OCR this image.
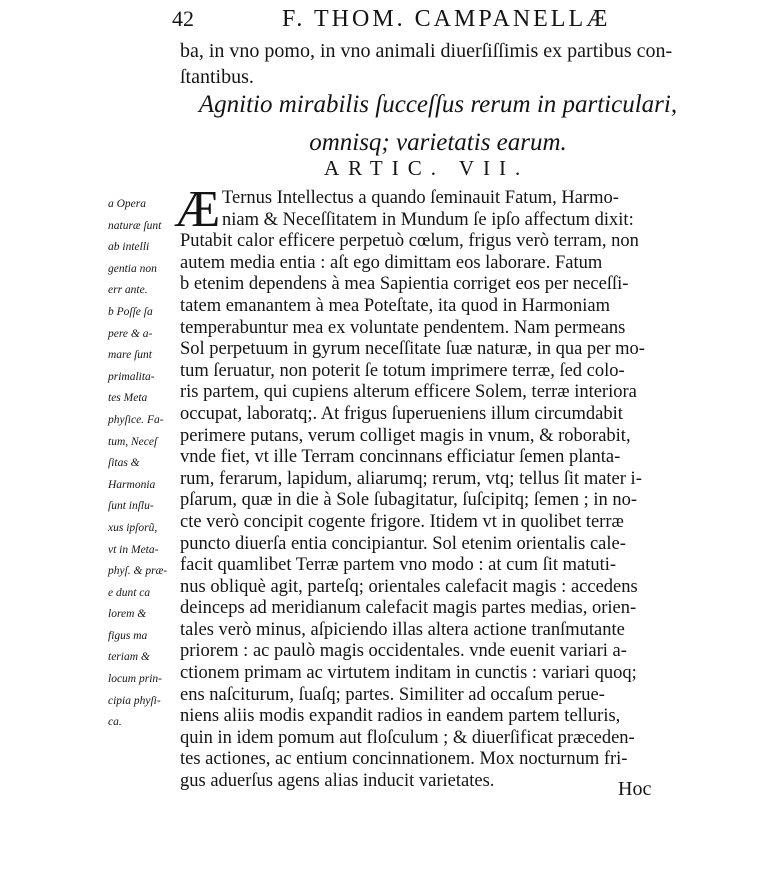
42	F. THOM. CAMPANELLÆ
ba, in vno pomo, in vno animali diuerſiſſimis ex partibus con-
ſtantibus.
Agnitio mirabilis ſucceſſus rerum in particulari,
omnisq; varietatis earum.
ARTIC. VII.
Æ Ternus Intellectus a quando ſeminauit Fatum, Harmo-
niam & Neceſſitatem in Mundum ſe ipſo affectum dixit:
Putabit calor efficere perpetuò cœlum, frigus verò terram, non
autem media entia : aſt ego dimittam eos laborare. Fatum
b etenim dependens à mea Sapientia corriget eos per neceſſi-
tatem emanantem à mea Poteſtate, ita quod in Harmoniam
temperabuntur mea ex voluntate pendentem. Nam permeans
Sol perpetuum in gyrum neceſſitate ſuæ naturæ, in qua per mo-
tum ſeruatur, non poterit ſe totum imprimere terræ, ſed colo-
ris partem, qui cupiens alterum efficere Solem, terræ interiora
occupat, laboratq;. At frigus ſuperueniens illum circumdabit
perimere putans, verum colliget magis in vnum, & roborabit,
vnde fiet, vt ille Terram concinnans efficiatur ſemen planta-
rum, ferarum, lapidum, aliarumq; rerum, vtq; tellus ſit mater i-
pſarum, quæ in die à Sole ſubagitatur, ſuſcipitq; ſemen ; in no-
cte verò concipit cogente frigore. Itidem vt in quolibet terræ
puncto diuerſa entia concipiantur. Sol etenim orientalis cale-
facit quamlibet Terræ partem vno modo : at cum ſit matuti-
nus obliquè agit, parteſq; orientales calefacit magis : accedens
deinceps ad meridianum calefacit magis partes medias, orien-
tales verò minus, aſpiciendo illas altera actione tranſmutante
priorem : ac paulò magis occidentales. vnde euenit variari a-
ctionem primam ac virtutem inditam in cunctis : variari quoq;
ens naſciturum, ſuaſq; partes. Similiter ad occaſum perue-
niens aliis modis expandit radios in eandem partem telluris,
quin in idem pomum aut floſculum ; & diuerſificat præceden-
tes actiones, ac entium concinnationem. Mox nocturnum fri-
gus aduerſus agens alias inducit varietates.
a Opera
naturæ ſunt
ab intelli
gentia non
err ante.
b Poſſe ſa
pere & a-
mare ſunt
primalita-
tes Meta
phyſice. Fa-
tum, Neceſ
ſitas &
Harmonia
ſunt inſlu-
xus ipſorũ,
vt in Meta-
phyſ. & præ-
e dunt ca
lorem &
figus ma
teriam &
locum prin-
cipia phyſi-
ca.
Hoc
